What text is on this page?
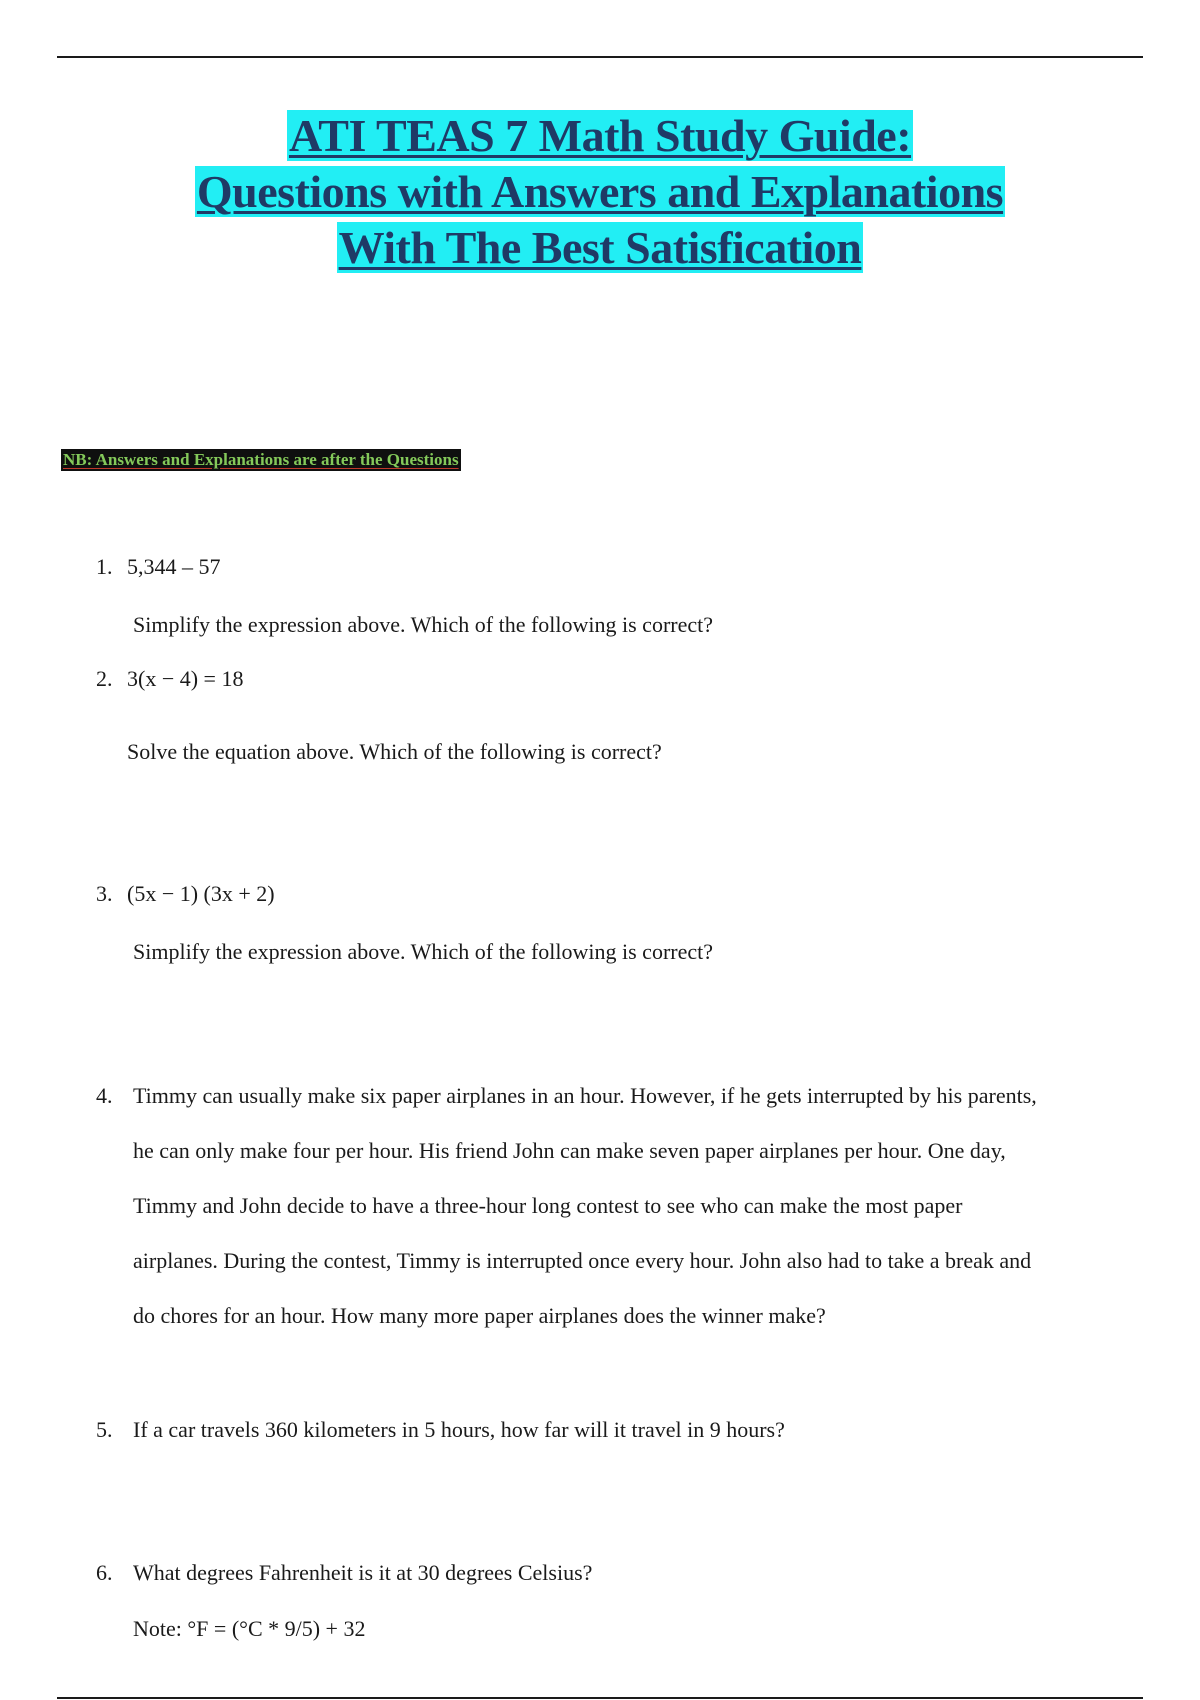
ATI TEAS 7 Math Study Guide:
Questions with Answers and Explanations
With The Best Satisfication
NB: Answers and Explanations are after the Questions
1. 5,344 – 57
Simplify the expression above. Which of the following is correct?
2. 3(x − 4) = 18
Solve the equation above. Which of the following is correct?
3. (5x − 1) (3x + 2)
Simplify the expression above. Which of the following is correct?
4. Timmy can usually make six paper airplanes in an hour. However, if he gets interrupted by his parents,
he can only make four per hour. His friend John can make seven paper airplanes per hour. One day,
Timmy and John decide to have a three-hour long contest to see who can make the most paper
airplanes. During the contest, Timmy is interrupted once every hour. John also had to take a break and
do chores for an hour. How many more paper airplanes does the winner make?
5. If a car travels 360 kilometers in 5 hours, how far will it travel in 9 hours?
6. What degrees Fahrenheit is it at 30 degrees Celsius?
Note: °F = (°C * 9/5) + 32
